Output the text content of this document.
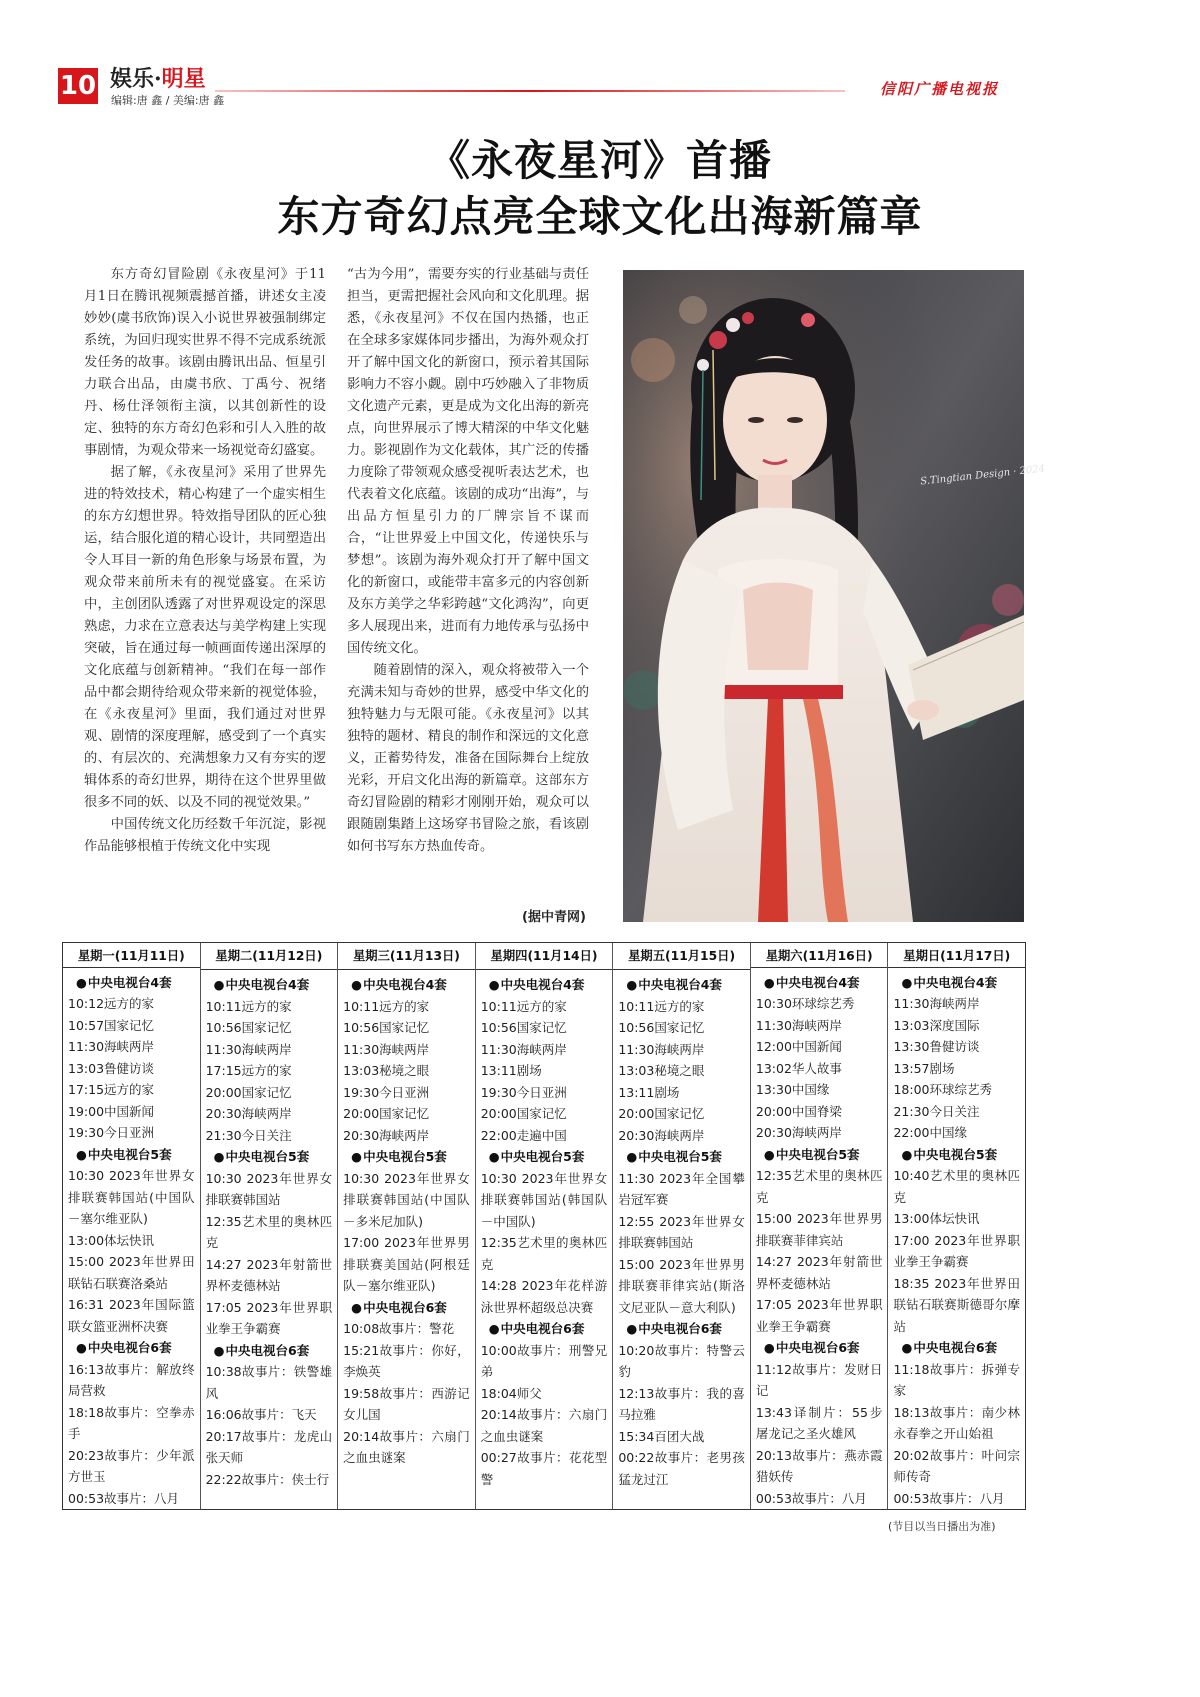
10 娱乐·明星
编辑:唐 鑫 / 美编:唐 鑫
信阳广播电视报
《永夜星河》首播
东方奇幻点亮全球文化出海新篇章

东方奇幻冒险剧《永夜星河》于11月1日在腾讯视频震撼首播，讲述女主凌妙妙(虞书欣饰)误入小说世界被强制绑定系统，为回归现实世界不得不完成系统派发任务的故事。该剧由腾讯出品、恒星引力联合出品，由虞书欣、丁禹兮、祝绪丹、杨仕泽领衔主演，以其创新性的设定、独特的东方奇幻色彩和引人入胜的故事剧情，为观众带来一场视觉奇幻盛宴。

据了解，《永夜星河》采用了世界先进的特效技术，精心构建了一个虚实相生的东方幻想世界。特效指导团队的匠心独运，结合服化道的精心设计，共同塑造出令人耳目一新的角色形象与场景布置，为观众带来前所未有的视觉盛宴。在采访中，主创团队透露了对世界观设定的深思熟虑，力求在立意表达与美学构建上实现突破，旨在通过每一帧画面传递出深厚的文化底蕴与创新精神。“我们在每一部作品中都会期待给观众带来新的视觉体验，在《永夜星河》里面，我们通过对世界观、剧情的深度理解，感受到了一个真实的、有层次的、充满想象力又有夯实的逻辑体系的奇幻世界，期待在这个世界里做很多不同的妖、以及不同的视觉效果。”

中国传统文化历经数千年沉淀，影视作品能够根植于传统文化中实现

“古为今用”，需要夯实的行业基础与责任担当，更需把握社会风向和文化肌理。据悉，《永夜星河》不仅在国内热播，也正在全球多家媒体同步播出，为海外观众打开了解中国文化的新窗口，预示着其国际影响力不容小觑。剧中巧妙融入了非物质文化遗产元素，更是成为文化出海的新亮点，向世界展示了博大精深的中华文化魅力。影视剧作为文化载体，其广泛的传播力度除了带领观众感受视听表达艺术，也代表着文化底蕴。该剧的成功“出海”，与出品方恒星引力的厂牌宗旨不谋而合，“让世界爱上中国文化，传递快乐与梦想”。该剧为海外观众打开了解中国文化的新窗口，或能带丰富多元的内容创新及东方美学之华彩跨越“文化鸿沟”，向更多人展现出来，进而有力地传承与弘扬中国传统文化。

随着剧情的深入，观众将被带入一个充满未知与奇妙的世界，感受中华文化的独特魅力与无限可能。《永夜星河》以其独特的题材、精良的制作和深远的文化意义，正蓄势待发，准备在国际舞台上绽放光彩，开启文化出海的新篇章。这部东方奇幻冒险剧的精彩才刚刚开始，观众可以跟随剧集踏上这场穿书冒险之旅，看该剧如何书写东方热血传奇。

(据中青网)
S.Tingtian Design · 2024
星期一(11月11日)
● 中央电视台4套
10:12远方的家
10:57国家记忆
11:30海峡两岸
13:03鲁健访谈
17:15远方的家
19:00中国新闻
19:30今日亚洲
● 中央电视台5套
10:30 2023年世界女排联赛韩国站(中国队－塞尔维亚队)
13:00体坛快讯
15:00 2023年世界田联钻石联赛洛桑站
16:31 2023年国际篮联女篮亚洲杯决赛
● 中央电视台6套
16:13故事片：解放终局营救
18:18故事片：空拳赤手
20:23故事片：少年派方世玉
00:53故事片：八月
星期二(11月12日)
● 中央电视台4套
10:11远方的家
10:56国家记忆
11:30海峡两岸
17:15远方的家
20:00国家记忆
20:30海峡两岸
21:30今日关注
● 中央电视台5套
10:30 2023年世界女排联赛韩国站
12:35艺术里的奥林匹克
14:27 2023年射箭世界杯麦德林站
17:05 2023年世界职业拳王争霸赛
● 中央电视台6套
10:38故事片：铁警雄风
16:06故事片：飞天
20:17故事片：龙虎山张天师
22:22故事片：侠士行
星期三(11月13日)
● 中央电视台4套
10:11远方的家
10:56国家记忆
11:30海峡两岸
13:03秘境之眼
19:30今日亚洲
20:00国家记忆
20:30海峡两岸
● 中央电视台5套
10:30 2023年世界女排联赛韩国站(中国队－多米尼加队)
17:00 2023年世界男排联赛美国站(阿根廷队－塞尔维亚队)
● 中央电视台6套
10:08故事片：警花
15:21故事片：你好，李焕英
19:58故事片：西游记女儿国
20:14故事片：六扇门之血虫谜案
星期四(11月14日)
● 中央电视台4套
10:11远方的家
10:56国家记忆
11:30海峡两岸
13:11剧场
19:30今日亚洲
20:00国家记忆
22:00走遍中国
● 中央电视台5套
10:30 2023年世界女排联赛韩国站(韩国队－中国队)
12:35艺术里的奥林匹克
14:28 2023年花样游泳世界杯超级总决赛
● 中央电视台6套
10:00故事片：刑警兄弟
18:04师父
20:14故事片：六扇门之血虫谜案
00:27故事片：花花型警
星期五(11月15日)
● 中央电视台4套
10:11远方的家
10:56国家记忆
11:30海峡两岸
13:03秘境之眼
13:11剧场
20:00国家记忆
20:30海峡两岸
● 中央电视台5套
11:30 2023年全国攀岩冠军赛
12:55 2023年世界女排联赛韩国站
15:00 2023年世界男排联赛菲律宾站(斯洛文尼亚队－意大利队)
● 中央电视台6套
10:20故事片：特警云豹
12:13故事片：我的喜马拉雅
15:34百团大战
00:22故事片：老男孩猛龙过江
星期六(11月16日)
● 中央电视台4套
10:30环球综艺秀
11:30海峡两岸
12:00中国新闻
13:02华人故事
13:30中国缘
20:00中国脊梁
20:30海峡两岸
● 中央电视台5套
12:35艺术里的奥林匹克
15:00 2023年世界男排联赛菲律宾站
14:27 2023年射箭世界杯麦德林站
17:05 2023年世界职业拳王争霸赛
● 中央电视台6套
11:12故事片：发财日记
13:43译制片：55步屠龙记之圣火雄风
20:13故事片：燕赤霞猎妖传
00:53故事片：八月
星期日(11月17日)
● 中央电视台4套
11:30海峡两岸
13:03深度国际
13:30鲁健访谈
13:57剧场
18:00环球综艺秀
21:30今日关注
22:00中国缘
● 中央电视台5套
10:40艺术里的奥林匹克
13:00体坛快讯
17:00 2023年世界职业拳王争霸赛
18:35 2023年世界田联钻石联赛斯德哥尔摩站
● 中央电视台6套
11:18故事片：拆弹专家
18:13故事片：南少林永春拳之开山始祖
20:02故事片：叶问宗师传奇
00:53故事片：八月
(节目以当日播出为准)
